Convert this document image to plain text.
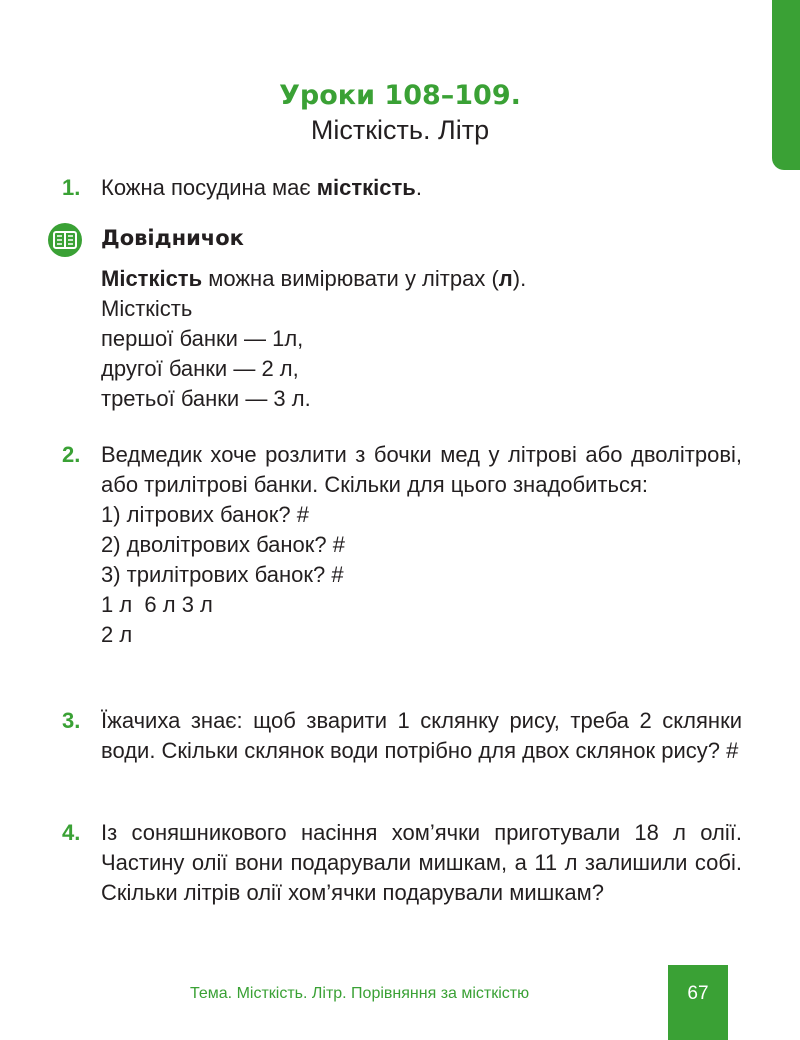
Уроки 108–109.
Місткість. Літр
1. Кожна посудина має місткість.
Довідничок
Місткість можна вимірювати у літрах (л).
Місткість
першої банки — 1л,
другої банки — 2 л,
третьої банки — 3 л.
2. Ведмедик хоче розлити з бочки мед у літрові або дволітрові, або трилітрові банки. Скільки для цього знадобиться:
1) літрових банок? #
2) дволітрових банок? #
3) трилітрових банок? #
1 л  6 л 3 л
2 л
3. Їжачиха знає: щоб зварити 1 склянку рису, треба 2 склянки води. Скільки склянок води потрібно для двох склянок рису? #
4. Із соняшникового насіння хом’ячки приготували 18 л олії. Частину олії вони подарували мишкам, а 11 л залишили собі. Скільки літрів олії хом’ячки подарували мишкам?
Тема. Місткість. Літр. Порівняння за місткістю	67
